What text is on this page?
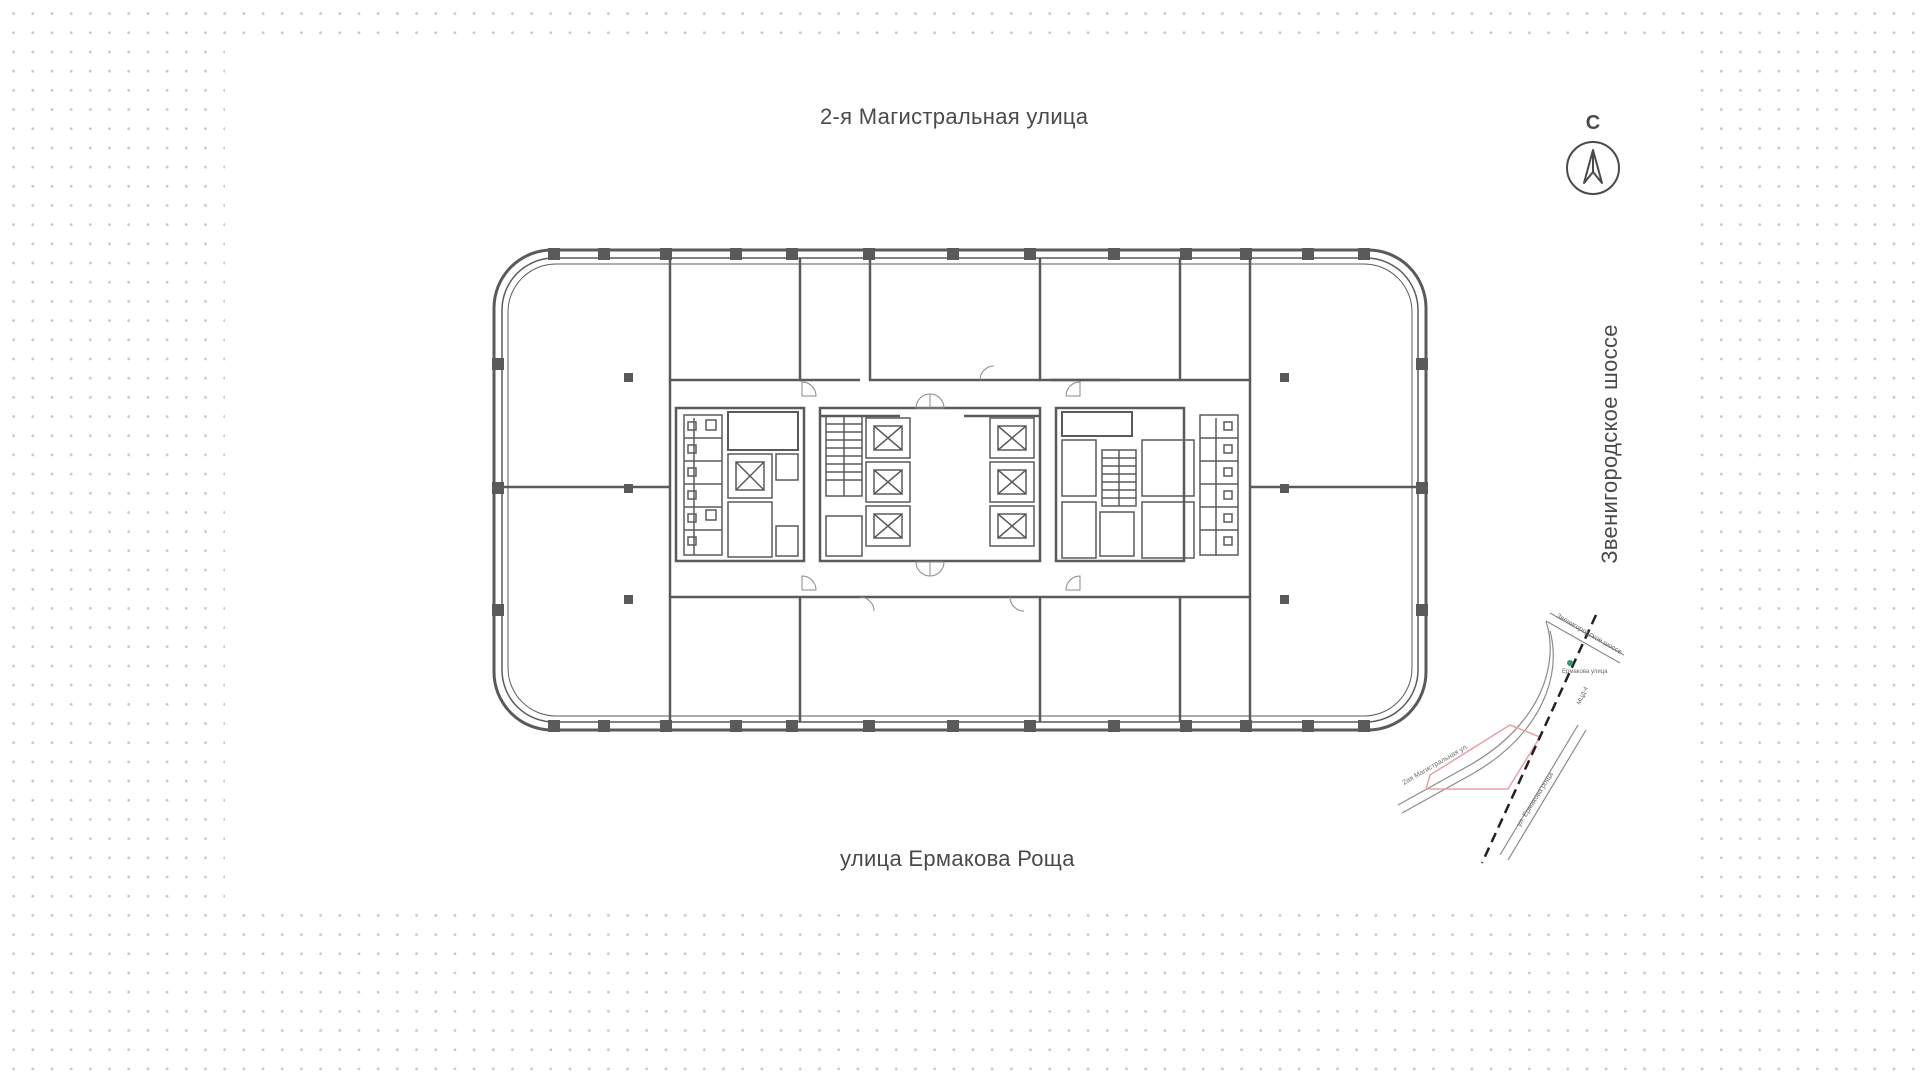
2-я Магистральная улица
улица Ермакова Роща
Звенигородское шоссе
С
Звенигородское шоссе
2ая Магистральная ул.
ул. Ермакова роща
Ермакова улица
МЦД-4
